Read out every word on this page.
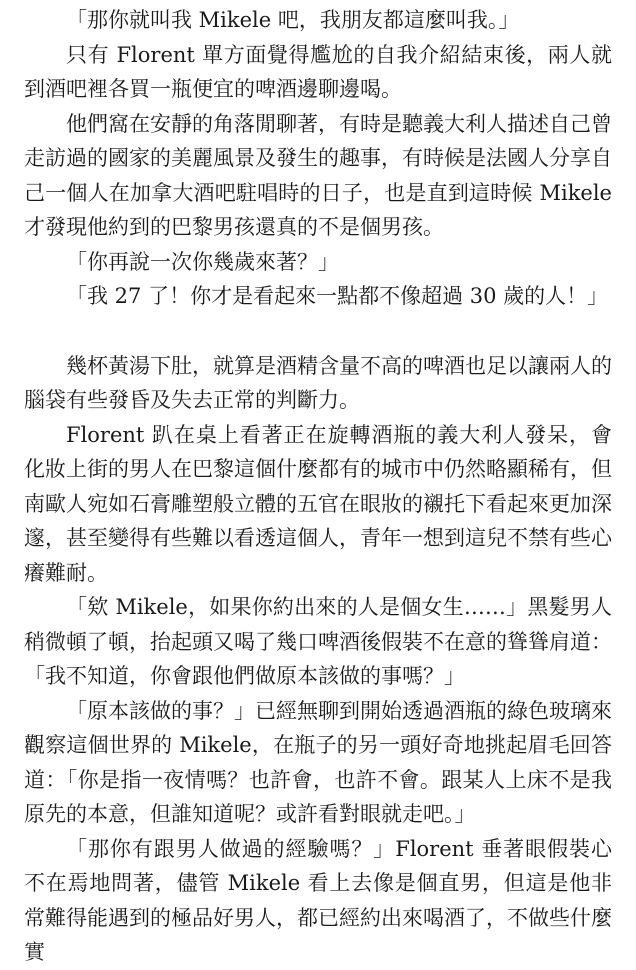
「那你就叫我 Mikele 吧，我朋友都這麼叫我。」

只有 Florent 單方面覺得尷尬的自我介紹結束後，兩人就到酒吧裡各買一瓶便宜的啤酒邊聊邊喝。

他們窩在安靜的角落閒聊著，有時是聽義大利人描述自己曾走訪過的國家的美麗風景及發生的趣事，有時候是法國人分享自己一個人在加拿大酒吧駐唱時的日子，也是直到這時候 Mikele 才發現他約到的巴黎男孩還真的不是個男孩。

「你再說一次你幾歲來著？」

「我 27 了！你才是看起來一點都不像超過 30 歲的人！」

幾杯黃湯下肚，就算是酒精含量不高的啤酒也足以讓兩人的腦袋有些發昏及失去正常的判斷力。

Florent 趴在桌上看著正在旋轉酒瓶的義大利人發呆，會化妝上街的男人在巴黎這個什麼都有的城市中仍然略顯稀有，但南歐人宛如石膏雕塑般立體的五官在眼妝的襯托下看起來更加深邃，甚至變得有些難以看透這個人，青年一想到這兒不禁有些心癢難耐。

「欸 Mikele，如果你約出來的人是個女生……」黑髮男人稍微頓了頓，抬起頭又喝了幾口啤酒後假裝不在意的聳聳肩道：「我不知道，你會跟他們做原本該做的事嗎？」

「原本該做的事？」已經無聊到開始透過酒瓶的綠色玻璃來觀察這個世界的 Mikele，在瓶子的另一頭好奇地挑起眉毛回答道：「你是指一夜情嗎？也許會，也許不會。跟某人上床不是我原先的本意，但誰知道呢？或許看對眼就走吧。」

「那你有跟男人做過的經驗嗎？」Florent 垂著眼假裝心不在焉地問著，儘管 Mikele 看上去像是個直男，但這是他非常難得能遇到的極品好男人，都已經約出來喝酒了，不做些什麼實
